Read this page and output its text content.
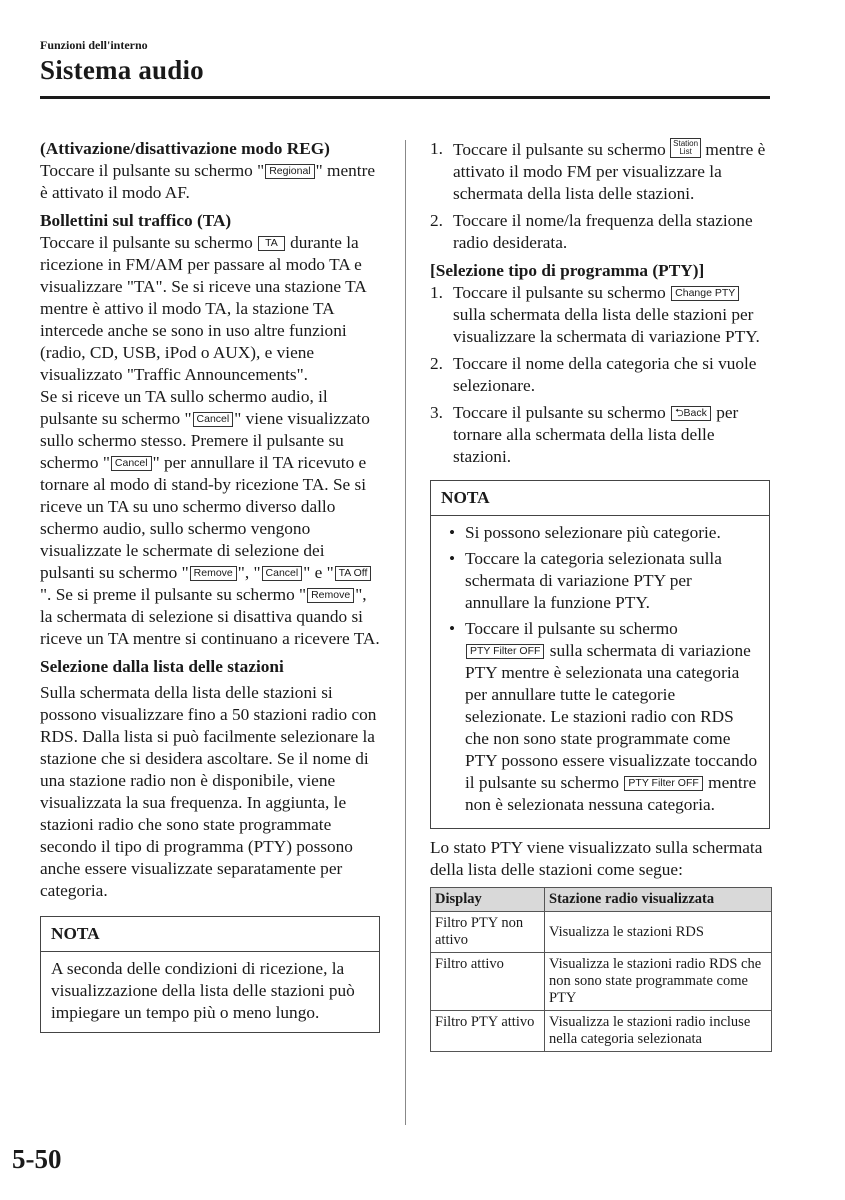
Funzioni dell'interno
Sistema audio

(Attivazione/disattivazione modo REG)

Toccare il pulsante su schermo " Regional " mentre è attivato il modo AF.

Bollettini sul traffico (TA)

Toccare il pulsante su schermo TA durante la ricezione in FM/AM per passare al modo TA e visualizzare "TA". Se si riceve una stazione TA mentre è attivo il modo TA, la stazione TA intercede anche se sono in uso altre funzioni (radio, CD, USB, iPod o AUX), e viene visualizzato "Traffic Announcements".

Se si riceve un TA sullo schermo audio, il pulsante su schermo " Cancel " viene visualizzato sullo schermo stesso. Premere il pulsante su schermo " Cancel " per annullare il TA ricevuto e tornare al modo di stand-by ricezione TA. Se si riceve un TA su uno schermo diverso dallo schermo audio, sullo schermo vengono visualizzate le schermate di selezione dei pulsanti su schermo " Remove ", " Cancel " e " TA Off". Se si preme il pulsante su schermo " Remove ", la schermata di selezione si disattiva quando si riceve un TA mentre si continuano a ricevere TA.

Selezione dalla lista delle stazioni

Sulla schermata della lista delle stazioni si possono visualizzare fino a 50 stazioni radio con RDS. Dalla lista si può facilmente selezionare la stazione che si desidera ascoltare. Se il nome di una stazione radio non è disponibile, viene visualizzata la sua frequenza. In aggiunta, le stazioni radio che sono state programmate secondo il tipo di programma (PTY) possono anche essere visualizzate separatamente per categoria.

NOTA
A seconda delle condizioni di ricezione, la visualizzazione della lista delle stazioni può impiegare un tempo più o meno lungo.
1. Toccare il pulsante su schermo Station
List mentre è attivato il modo FM per visualizzare la schermata della lista delle stazioni.
2. Toccare il nome/la frequenza della stazione radio desiderata.

[Selezione tipo di programma (PTY)]

1. Toccare il pulsante su schermo Change PTY sulla schermata della lista delle stazioni per visualizzare la schermata di variazione PTY.
2. Toccare il nome della categoria che si vuole selezionare.
3. Toccare il pulsante su schermo ⮌Back per tornare alla schermata della lista delle stazioni.
NOTA
• Si possono selezionare più categorie.
• Toccare la categoria selezionata sulla schermata di variazione PTY per annullare la funzione PTY.
• Toccare il pulsante su schermo PTY Filter OFF sulla schermata di variazione PTY mentre è selezionata una categoria per annullare tutte le categorie selezionate. Le stazioni radio con RDS che non sono state programmate come PTY possono essere visualizzate toccando il pulsante su schermo PTY Filter OFF mentre non è selezionata nessuna categoria.

Lo stato PTY viene visualizzato sulla schermata della lista delle stazioni come segue:

Display	Stazione radio visualizzata
Filtro PTY non attivo	Visualizza le stazioni RDS
Filtro attivo	Visualizza le stazioni radio RDS che non sono state programmate come PTY
Filtro PTY attivo	Visualizza le stazioni radio incluse nella categoria selezionata
5-50
